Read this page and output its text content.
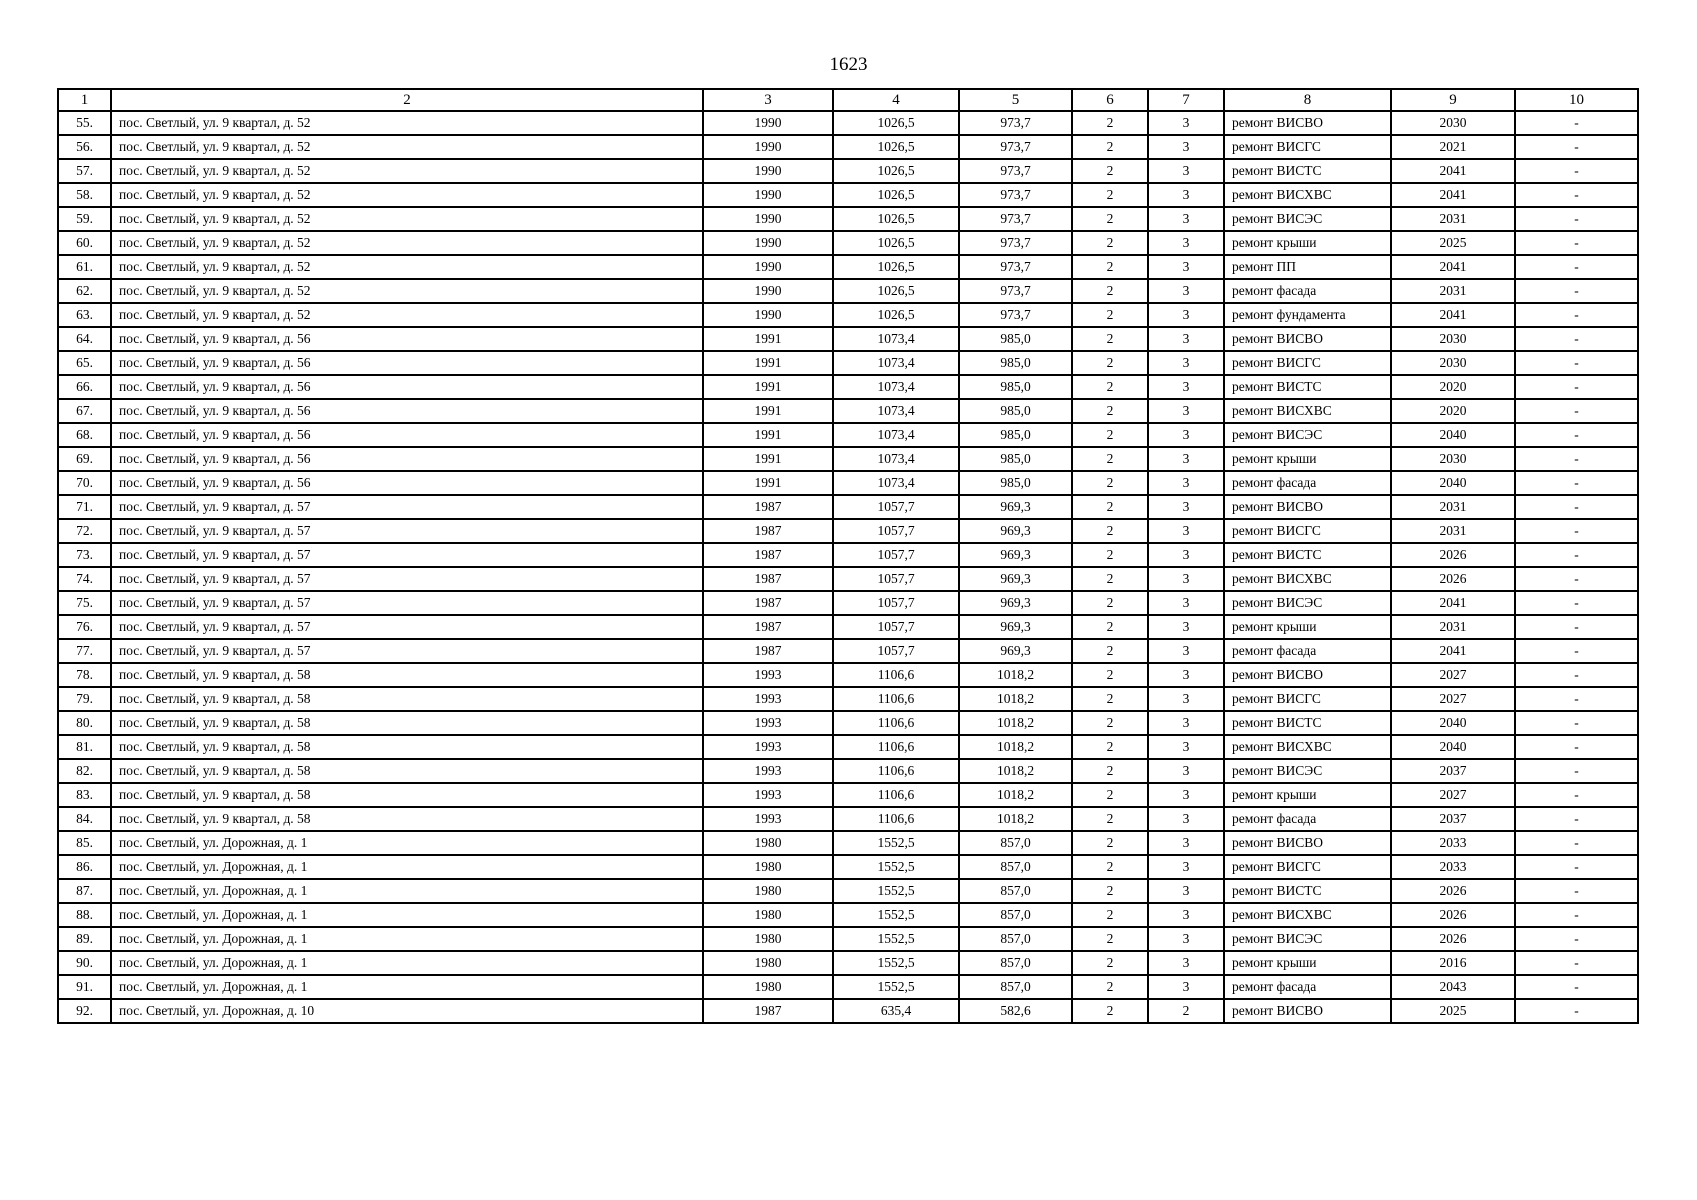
1623
1	2	3	4	5	6	7	8	9	10
55.	пос. Светлый, ул. 9 квартал, д. 52	1990	1026,5	973,7	2	3	ремонт ВИСВО	2030	-
56.	пос. Светлый, ул. 9 квартал, д. 52	1990	1026,5	973,7	2	3	ремонт ВИСГС	2021	-
57.	пос. Светлый, ул. 9 квартал, д. 52	1990	1026,5	973,7	2	3	ремонт ВИСТС	2041	-
58.	пос. Светлый, ул. 9 квартал, д. 52	1990	1026,5	973,7	2	3	ремонт ВИСХВС	2041	-
59.	пос. Светлый, ул. 9 квартал, д. 52	1990	1026,5	973,7	2	3	ремонт ВИСЭС	2031	-
60.	пос. Светлый, ул. 9 квартал, д. 52	1990	1026,5	973,7	2	3	ремонт крыши	2025	-
61.	пос. Светлый, ул. 9 квартал, д. 52	1990	1026,5	973,7	2	3	ремонт ПП	2041	-
62.	пос. Светлый, ул. 9 квартал, д. 52	1990	1026,5	973,7	2	3	ремонт фасада	2031	-
63.	пос. Светлый, ул. 9 квартал, д. 52	1990	1026,5	973,7	2	3	ремонт фундамента	2041	-
64.	пос. Светлый, ул. 9 квартал, д. 56	1991	1073,4	985,0	2	3	ремонт ВИСВО	2030	-
65.	пос. Светлый, ул. 9 квартал, д. 56	1991	1073,4	985,0	2	3	ремонт ВИСГС	2030	-
66.	пос. Светлый, ул. 9 квартал, д. 56	1991	1073,4	985,0	2	3	ремонт ВИСТС	2020	-
67.	пос. Светлый, ул. 9 квартал, д. 56	1991	1073,4	985,0	2	3	ремонт ВИСХВС	2020	-
68.	пос. Светлый, ул. 9 квартал, д. 56	1991	1073,4	985,0	2	3	ремонт ВИСЭС	2040	-
69.	пос. Светлый, ул. 9 квартал, д. 56	1991	1073,4	985,0	2	3	ремонт крыши	2030	-
70.	пос. Светлый, ул. 9 квартал, д. 56	1991	1073,4	985,0	2	3	ремонт фасада	2040	-
71.	пос. Светлый, ул. 9 квартал, д. 57	1987	1057,7	969,3	2	3	ремонт ВИСВО	2031	-
72.	пос. Светлый, ул. 9 квартал, д. 57	1987	1057,7	969,3	2	3	ремонт ВИСГС	2031	-
73.	пос. Светлый, ул. 9 квартал, д. 57	1987	1057,7	969,3	2	3	ремонт ВИСТС	2026	-
74.	пос. Светлый, ул. 9 квартал, д. 57	1987	1057,7	969,3	2	3	ремонт ВИСХВС	2026	-
75.	пос. Светлый, ул. 9 квартал, д. 57	1987	1057,7	969,3	2	3	ремонт ВИСЭС	2041	-
76.	пос. Светлый, ул. 9 квартал, д. 57	1987	1057,7	969,3	2	3	ремонт крыши	2031	-
77.	пос. Светлый, ул. 9 квартал, д. 57	1987	1057,7	969,3	2	3	ремонт фасада	2041	-
78.	пос. Светлый, ул. 9 квартал, д. 58	1993	1106,6	1018,2	2	3	ремонт ВИСВО	2027	-
79.	пос. Светлый, ул. 9 квартал, д. 58	1993	1106,6	1018,2	2	3	ремонт ВИСГС	2027	-
80.	пос. Светлый, ул. 9 квартал, д. 58	1993	1106,6	1018,2	2	3	ремонт ВИСТС	2040	-
81.	пос. Светлый, ул. 9 квартал, д. 58	1993	1106,6	1018,2	2	3	ремонт ВИСХВС	2040	-
82.	пос. Светлый, ул. 9 квартал, д. 58	1993	1106,6	1018,2	2	3	ремонт ВИСЭС	2037	-
83.	пос. Светлый, ул. 9 квартал, д. 58	1993	1106,6	1018,2	2	3	ремонт крыши	2027	-
84.	пос. Светлый, ул. 9 квартал, д. 58	1993	1106,6	1018,2	2	3	ремонт фасада	2037	-
85.	пос. Светлый, ул. Дорожная, д. 1	1980	1552,5	857,0	2	3	ремонт ВИСВО	2033	-
86.	пос. Светлый, ул. Дорожная, д. 1	1980	1552,5	857,0	2	3	ремонт ВИСГС	2033	-
87.	пос. Светлый, ул. Дорожная, д. 1	1980	1552,5	857,0	2	3	ремонт ВИСТС	2026	-
88.	пос. Светлый, ул. Дорожная, д. 1	1980	1552,5	857,0	2	3	ремонт ВИСХВС	2026	-
89.	пос. Светлый, ул. Дорожная, д. 1	1980	1552,5	857,0	2	3	ремонт ВИСЭС	2026	-
90.	пос. Светлый, ул. Дорожная, д. 1	1980	1552,5	857,0	2	3	ремонт крыши	2016	-
91.	пос. Светлый, ул. Дорожная, д. 1	1980	1552,5	857,0	2	3	ремонт фасада	2043	-
92.	пос. Светлый, ул. Дорожная, д. 10	1987	635,4	582,6	2	2	ремонт ВИСВО	2025	-
